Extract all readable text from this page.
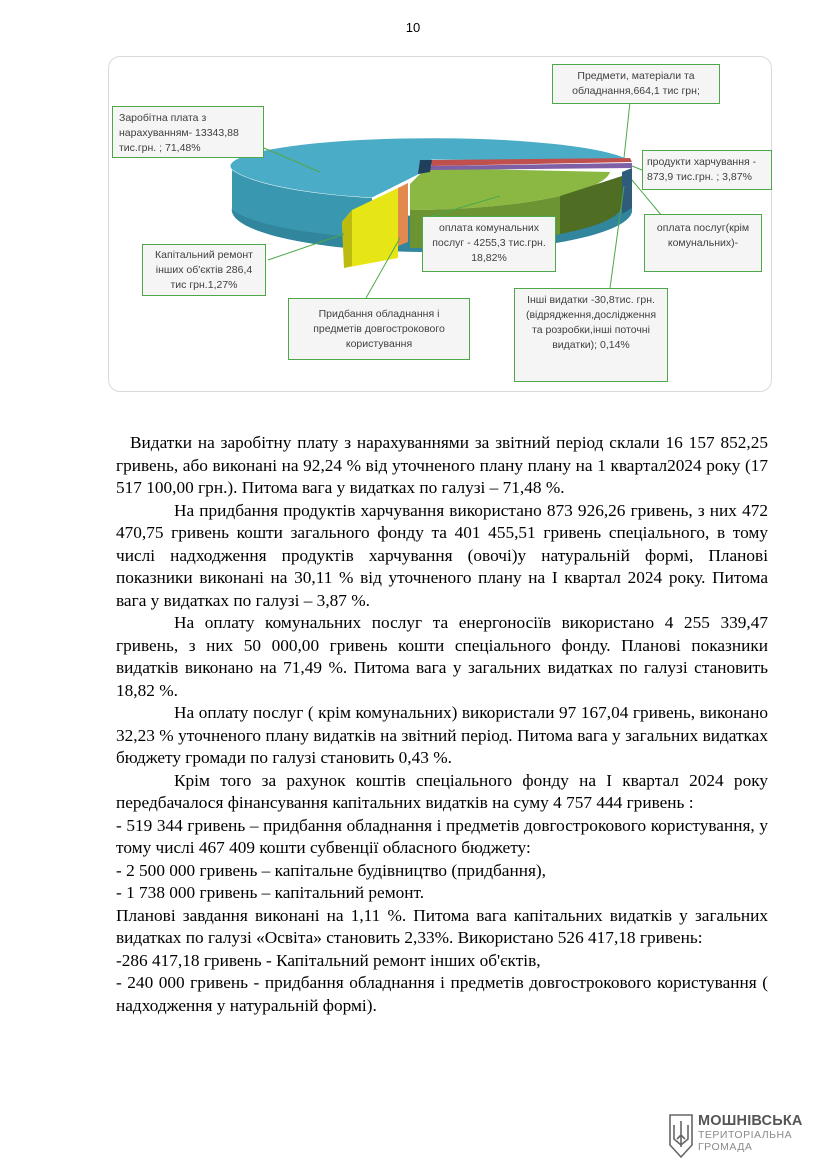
10
Заробітна плата з нарахуванням- 13343,88 тис.грн. ; 71,48%
Предмети, матеріали та обладнання,664,1 тис грн;
продукти харчування - 873,9 тис.грн. ; 3,87%
оплата послуг(крім комунальних)-
оплата комунальних послуг - 4255,3 тис.грн. 18,82%
Інші видатки -30,8тис. грн. (відрядження,дослідження та розробки,інші поточні видатки); 0,14%
Придбання обладнання і предметів довгострокового користування
Капітальний ремонт інших об'єктів 286,4 тис грн.1,27%

Видатки на заробітну плату з нарахуваннями за звітний період склали 16 157 852,25 гривень, або виконані на 92,24 % від уточненого плану плану на 1 квартал2024 року (17 517 100,00 грн.). Питома вага у видатках по галузі – 71,48 %.

На придбання продуктів харчування використано 873 926,26 гривень, з них 472 470,75 гривень кошти загального фонду та 401 455,51 гривень спеціального, в тому числі надходження продуктів харчування (овочі)у натуральній формі, Планові показники виконані на 30,11 % від уточненого плану на І квартал 2024 року. Питома вага у видатках по галузі – 3,87 %.

На оплату комунальних послуг та енергоносіїв використано 4 255 339,47 гривень, з них 50 000,00 гривень кошти спеціального фонду. Планові показники видатків виконано на 71,49 %. Питома вага у загальних видатках по галузі становить 18,82 %.

На оплату послуг ( крім комунальних) використали 97 167,04 гривень, виконано 32,23 % уточненого плану видатків на звітний період. Питома вага у загальних видатках бюджету громади по галузі становить 0,43 %.

Крім того за рахунок коштів спеціального фонду на І квартал 2024 року передбачалося фінансування капітальних видатків на суму 4 757 444 гривень :

- 519 344 гривень – придбання обладнання і предметів довгострокового користування, у тому числі 467 409 кошти субвенції обласного бюджету:

- 2 500 000 гривень – капітальне будівництво (придбання),

- 1 738 000 гривень – капітальний ремонт.

Планові завдання виконані на 1,11 %. Питома вага капітальних видатків у загальних видатках по галузі «Освіта» становить 2,33%. Використано 526 417,18 гривень:

-286 417,18 гривень - Капітальний ремонт інших об'єктів,

- 240 000 гривень - придбання обладнання і предметів довгострокового користування ( надходження у натуральній формі).

МОШНІВСЬКА
ТЕРИТОРІАЛЬНА
ГРОМАДА
